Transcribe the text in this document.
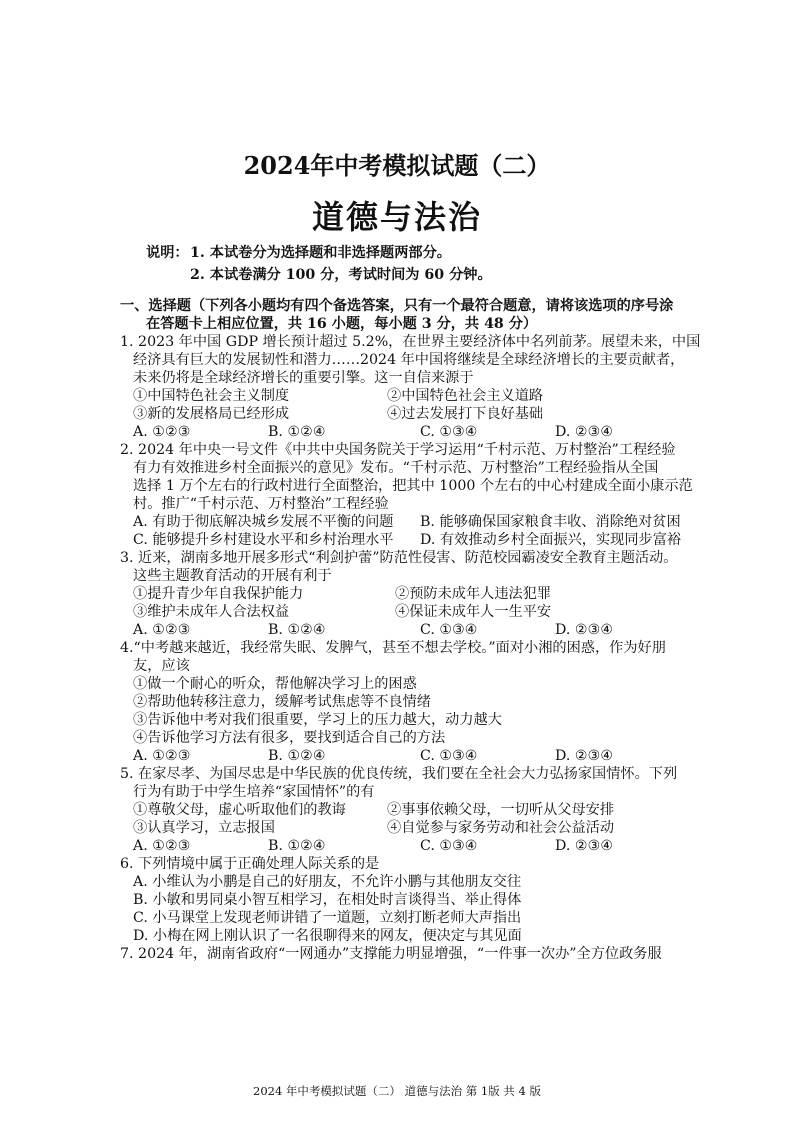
2024年中考模拟试题（二）
道德与法治
说明： 1. 本试卷分为选择题和非选择题两部分。
2. 本试卷满分 100 分，考试时间为 60 分钟。
一、选择题（下列各小题均有四个备选答案，只有一个最符合题意，请将该选项的序号涂
在答题卡上相应位置，共 16 小题，每小题 3 分，共 48 分）
1. 2023 年中国 GDP 增长预计超过 5.2%，在世界主要经济体中名列前茅。展望未来，中国
经济具有巨大的发展韧性和潜力……2024 年中国将继续是全球经济增长的主要贡献者，
未来仍将是全球经济增长的重要引擎。这一自信来源于
①中国特色社会主义制度	②中国特色社会主义道路
③新的发展格局已经形成	④过去发展打下良好基础
A. ①②③	B. ①②④	C. ①③④	D. ②③④
2. 2024 年中央一号文件《中共中央国务院关于学习运用“千村示范、万村整治”工程经验
有力有效推进乡村全面振兴的意见》发布。“千村示范、万村整治”工程经验指从全国
选择 1 万个左右的行政村进行全面整治，把其中 1000 个左右的中心村建成全面小康示范
村。推广“千村示范、万村整治”工程经验
A. 有助于彻底解决城乡发展不平衡的问题 B. 能够确保国家粮食丰收、消除绝对贫困
C. 能够提升乡村建设水平和乡村治理水平 D. 有效推动乡村全面振兴，实现同步富裕
3. 近来，湖南多地开展多形式“利剑护蕾”防范性侵害、防范校园霸凌安全教育主题活动。
这些主题教育活动的开展有利于
①提升青少年自我保护能力	②预防未成年人违法犯罪
③维护未成年人合法权益	④保证未成年人一生平安
A. ①②③	B. ①②④	C. ①③④	D. ②③④
4.“中考越来越近，我经常失眠、发脾气，甚至不想去学校。”面对小湘的困惑，作为好朋
友，应该
①做一个耐心的听众，帮他解决学习上的困惑
②帮助他转移注意力，缓解考试焦虑等不良情绪
③告诉他中考对我们很重要，学习上的压力越大，动力越大
④告诉他学习方法有很多，要找到适合自己的方法
A. ①②③	B. ①②④	C. ①③④	D. ②③④
5. 在家尽孝、为国尽忠是中华民族的优良传统，我们要在全社会大力弘扬家国情怀。下列
行为有助于中学生培养“家国情怀”的有
①尊敬父母，虚心听取他们的教诲	②事事依赖父母，一切听从父母安排
③认真学习，立志报国	④自觉参与家务劳动和社会公益活动
A. ①②③	B. ①②④	C. ①③④	D. ②③④
6. 下列情境中属于正确处理人际关系的是
A. 小维认为小鹏是自己的好朋友，不允许小鹏与其他朋友交往
B. 小敏和男同桌小智互相学习，在相处时言谈得当、举止得体
C. 小马课堂上发现老师讲错了一道题，立刻打断老师大声指出
D. 小梅在网上刚认识了一名很聊得来的网友，便决定与其见面
7. 2024 年，湖南省政府“一网通办”支撑能力明显增强，“一件事一次办”全方位政务服
2024 年中考模拟试题（二） 道德与法治 第 1版 共 4 版
